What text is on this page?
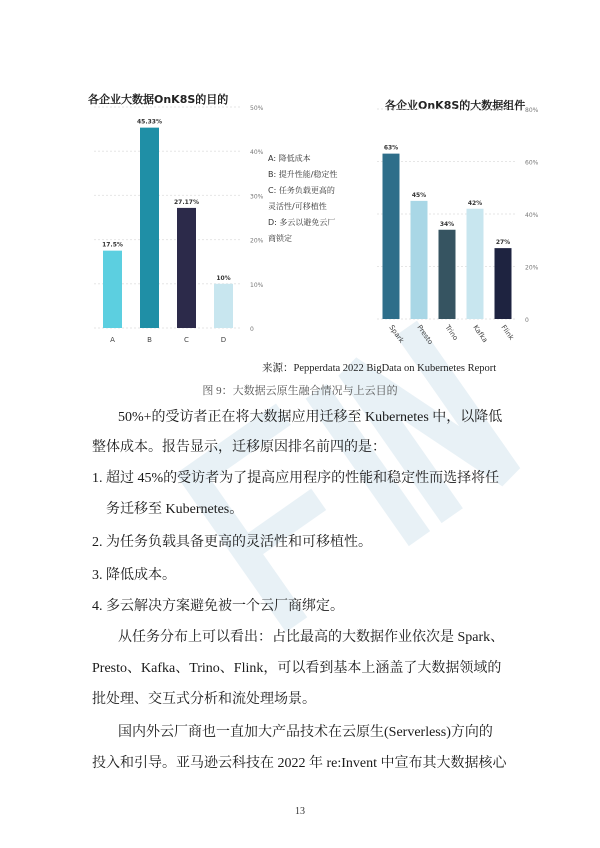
各企业大数据OnK8S的目的
17.5%
A
45.33%
B
27.17%
C
10%
D
0
10%
20%
30%
40%
50%
A: 降低成本
B: 提升性能/稳定性
C: 任务负载更高的
灵活性/可移植性
D: 多云以避免云厂
商锁定
各企业OnK8S的大数据组件
63%
Spark
45%
Presto
34%
Trino
42%
Kafka
27%
Flink
0
20%
40%
60%
80%
来源：Pepperdata 2022 BigData on Kubernetes Report
图 9：大数据云原生融合情况与上云目的
50%+的受访者正在将大数据应用迁移至 Kubernetes 中，以降低
整体成本。报告显示，迁移原因排名前四的是：
1. 超过 45%的受访者为了提高应用程序的性能和稳定性而选择将任
务迁移至 Kubernetes。
2. 为任务负载具备更高的灵活性和可移植性。
3. 降低成本。
4. 多云解决方案避免被一个云厂商绑定。
从任务分布上可以看出：占比最高的大数据作业依次是 Spark、
Presto、Kafka、Trino、Flink，可以看到基本上涵盖了大数据领域的
批处理、交互式分析和流处理场景。
国内外云厂商也一直加大产品技术在云原生(Serverless)方向的
投入和引导。亚马逊云科技在 2022 年 re:Invent 中宣布其大数据核心
13
